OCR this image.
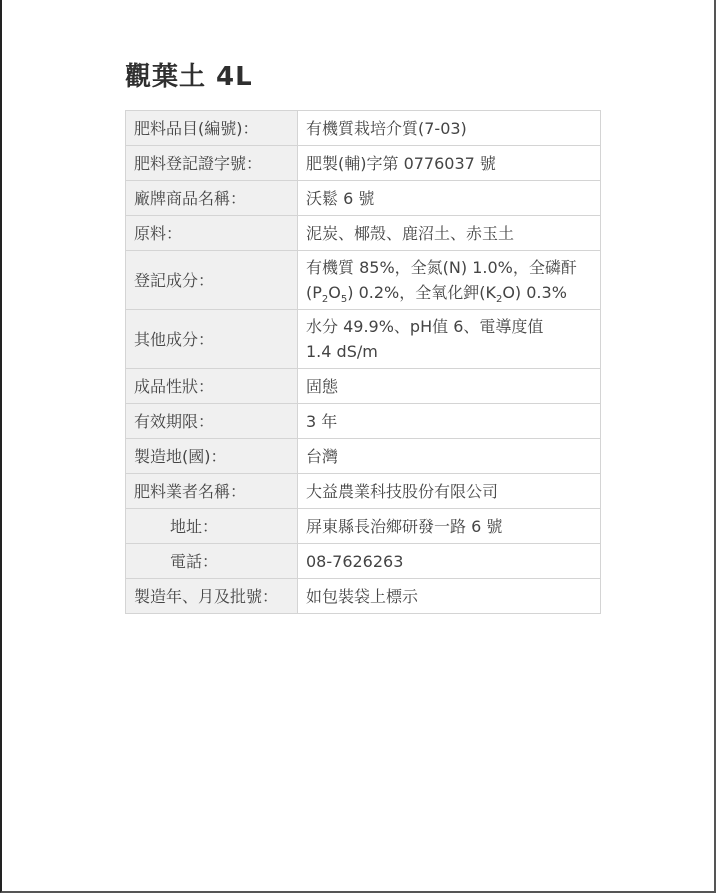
觀葉土 4L
肥料品目(編號)：	有機質栽培介質(7-03)
肥料登記證字號：	肥製(輔)字第 0776037 號
廠牌商品名稱：	沃鬆 6 號
原料：	泥炭、椰殼、鹿沼土、赤玉土
登記成分：	有機質 85%，全氮(N) 1.0%，全磷酐
$(P_2O_5)$ 0.2%，全氧化鉀$(K_2O)$ 0.3%

其他成分：	水分 49.9%、pH值 6、電導度值
1.4 dS/m

成品性狀：	固態
有效期限：	3 年
製造地(國)：	台灣
肥料業者名稱：	大益農業科技股份有限公司
地址：	屏東縣長治鄉研發一路 6 號
電話：	08-7626263
製造年、月及批號：	如包裝袋上標示
